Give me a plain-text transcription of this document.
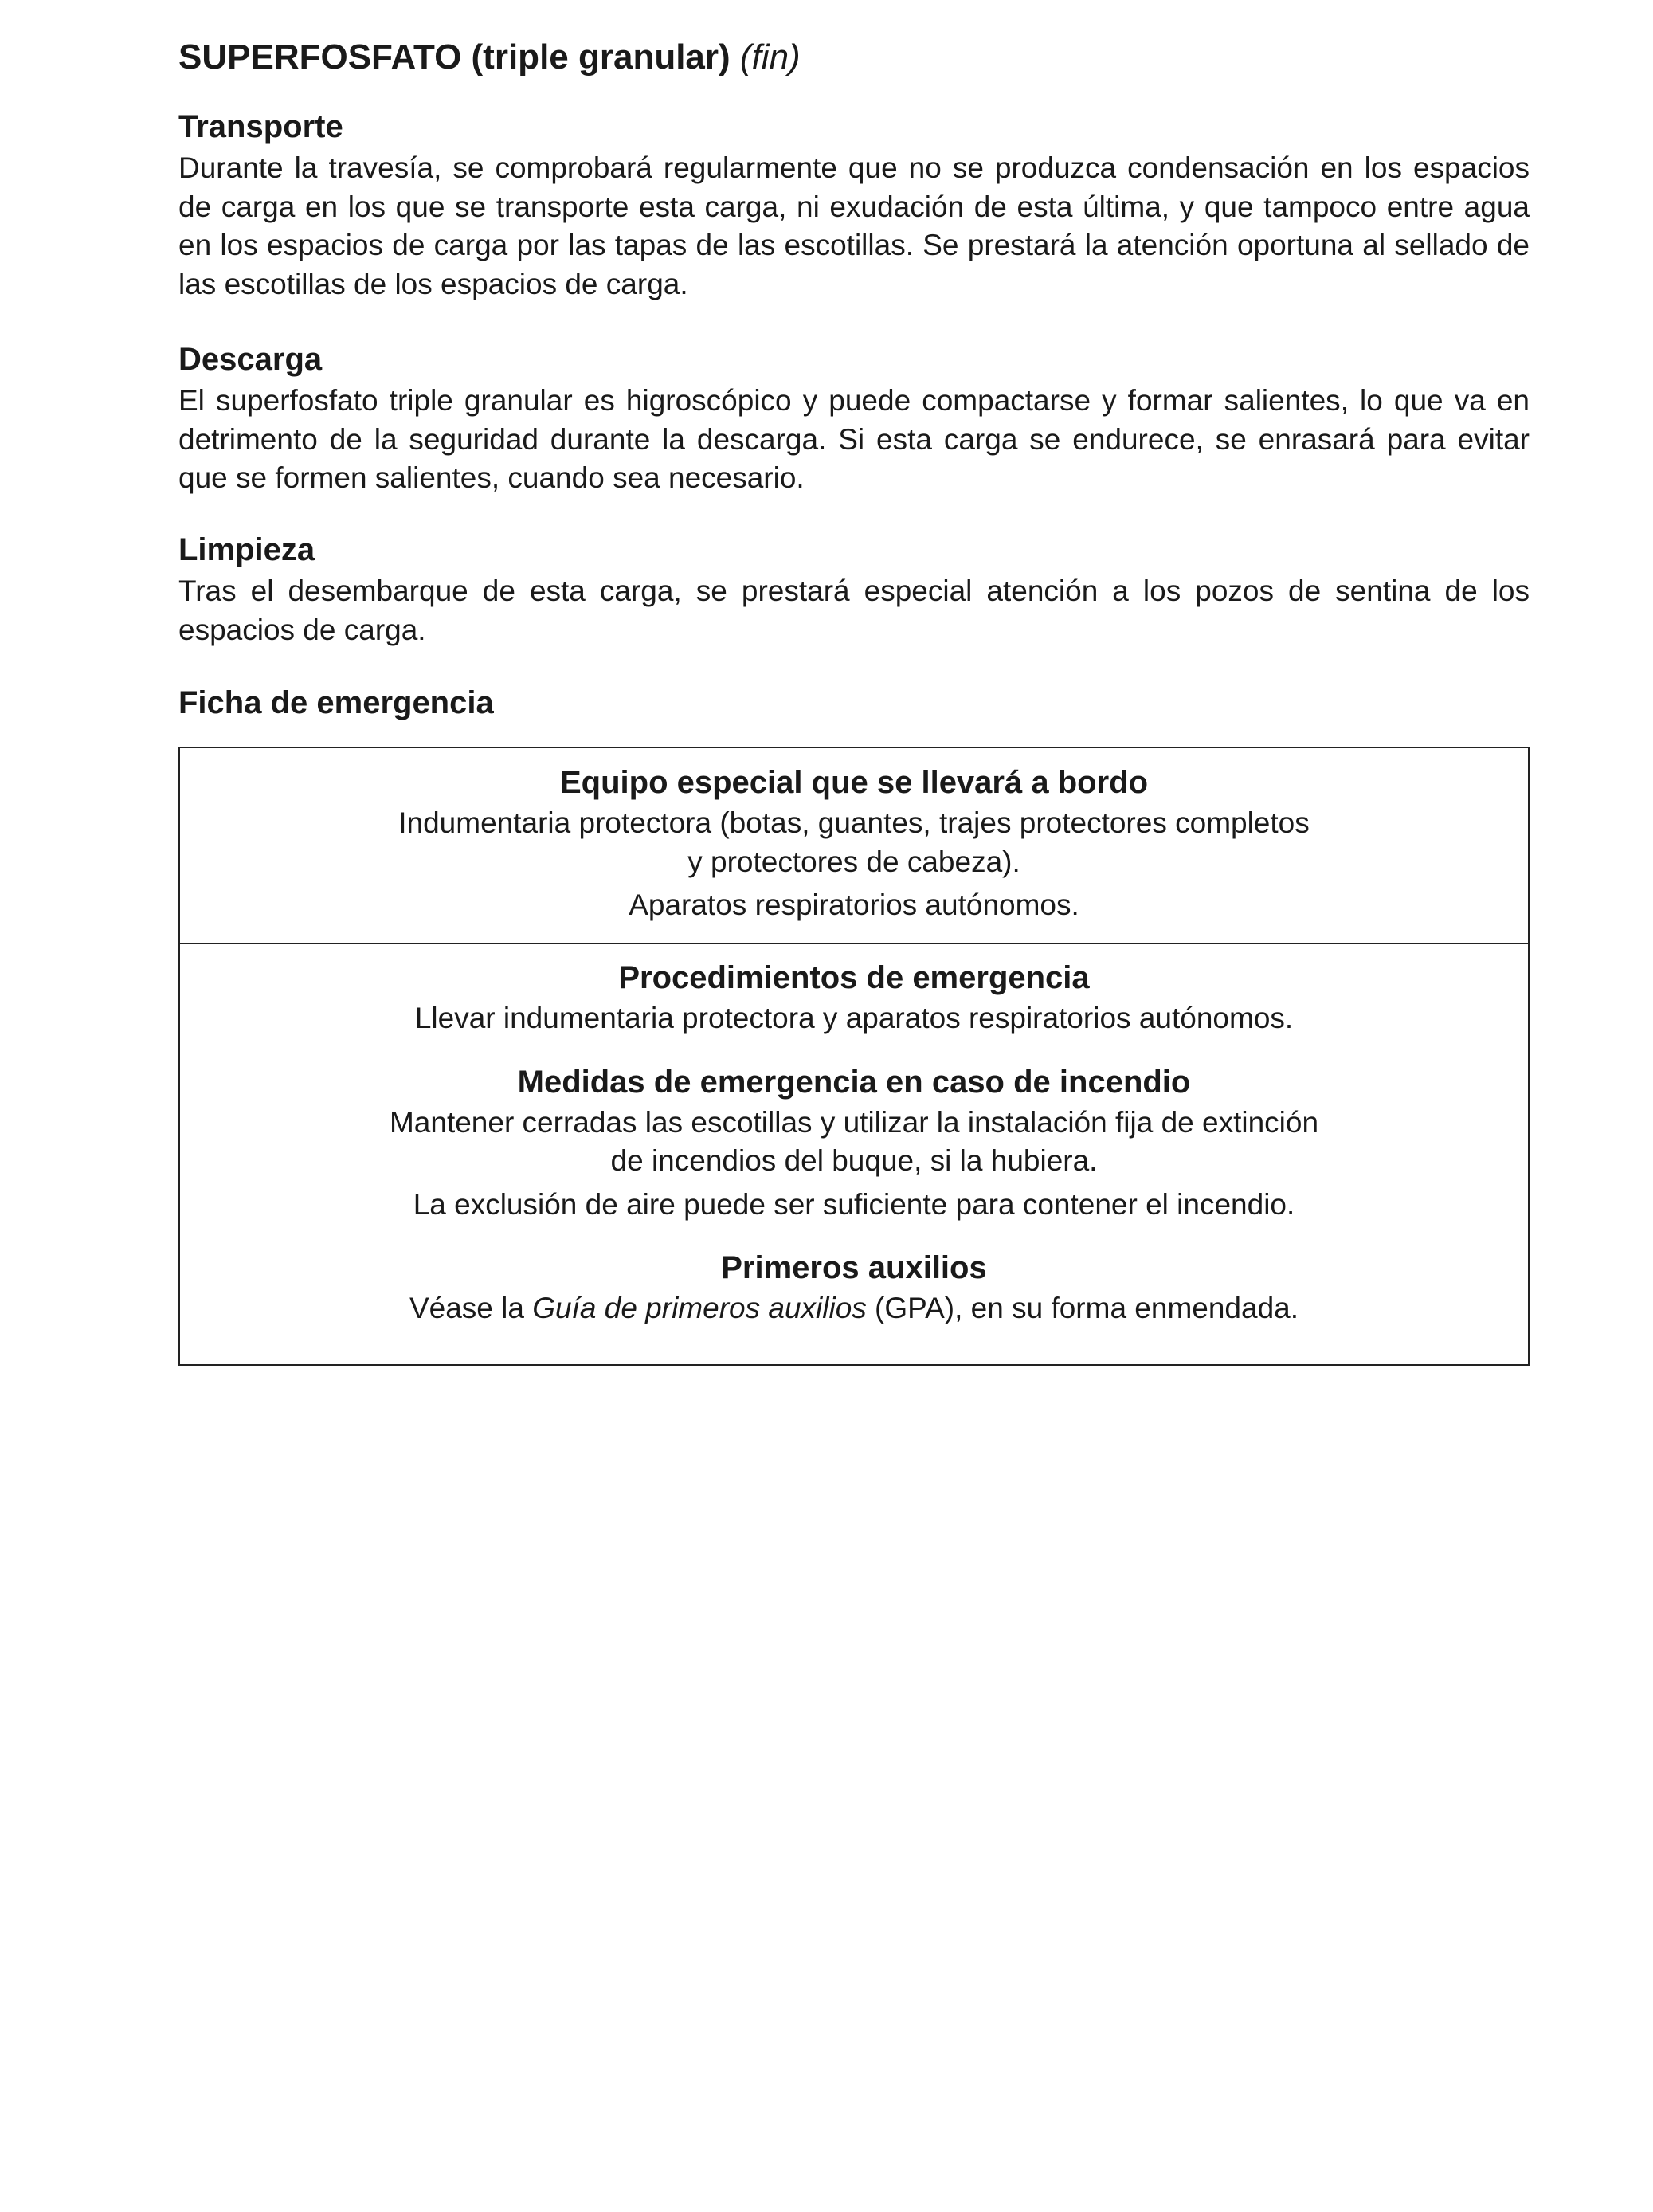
SUPERFOSFATO (triple granular) (fin)
Transporte

Durante la travesía, se comprobará regularmente que no se produzca condensación en los espacios de carga en los que se transporte esta carga, ni exudación de esta última, y que tampoco entre agua en los espacios de carga por las tapas de las escotillas. Se prestará la atención oportuna al sellado de las escotillas de los espacios de carga.

Descarga

El superfosfato triple granular es higroscópico y puede compactarse y formar salientes, lo que va en detrimento de la seguridad durante la descarga. Si esta carga se endurece, se enrasará para evitar que se formen salientes, cuando sea necesario.

Limpieza

Tras el desembarque de esta carga, se prestará especial atención a los pozos de sentina de los espacios de carga.

Ficha de emergencia
Equipo especial que se llevará a bordo
Indumentaria protectora (botas, guantes, trajes protectores completos
y protectores de cabeza).
Aparatos respiratorios autónomos.
Procedimientos de emergencia
Llevar indumentaria protectora y aparatos respiratorios autónomos.
Medidas de emergencia en caso de incendio
Mantener cerradas las escotillas y utilizar la instalación fija de extinción
de incendios del buque, si la hubiera.
La exclusión de aire puede ser suficiente para contener el incendio.
Primeros auxilios
Véase la Guía de primeros auxilios (GPA), en su forma enmendada.
